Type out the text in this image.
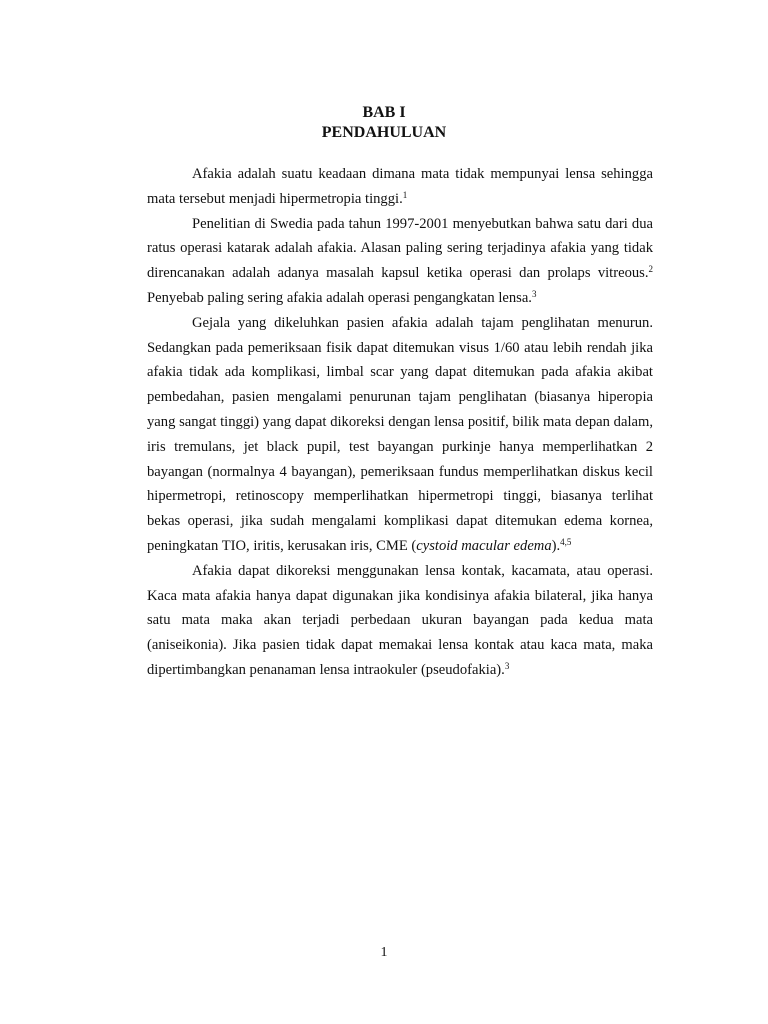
BAB I
PENDAHULUAN

Afakia adalah suatu keadaan dimana mata tidak mempunyai lensa sehingga mata tersebut menjadi hipermetropia tinggi.$^1$

Penelitian di Swedia pada tahun 1997-2001 menyebutkan bahwa satu dari dua ratus operasi katarak adalah afakia. Alasan paling sering terjadinya afakia yang tidak direncanakan adalah adanya masalah kapsul ketika operasi dan prolaps vitreous.$^2$ Penyebab paling sering afakia adalah operasi pengangkatan lensa.$^3$

Gejala yang dikeluhkan pasien afakia adalah tajam penglihatan menurun. Sedangkan pada pemeriksaan fisik dapat ditemukan visus 1/60 atau lebih rendah jika afakia tidak ada komplikasi, limbal scar yang dapat ditemukan pada afakia akibat pembedahan, pasien mengalami penurunan tajam penglihatan (biasanya hiperopia yang sangat tinggi) yang dapat dikoreksi dengan lensa positif, bilik mata depan dalam, iris tremulans, jet black pupil, test bayangan purkinje hanya memperlihatkan 2 bayangan (normalnya 4 bayangan), pemeriksaan fundus memperlihatkan diskus kecil hipermetropi, retinoscopy memperlihatkan hipermetropi tinggi, biasanya terlihat bekas operasi, jika sudah mengalami komplikasi dapat ditemukan edema kornea, peningkatan TIO, iritis, kerusakan iris, CME (cystoid macular edema).$^{4,5}$

Afakia dapat dikoreksi menggunakan lensa kontak, kacamata, atau operasi. Kaca mata afakia hanya dapat digunakan jika kondisinya afakia bilateral, jika hanya satu mata maka akan terjadi perbedaan ukuran bayangan pada kedua mata (aniseikonia). Jika pasien tidak dapat memakai lensa kontak atau kaca mata, maka dipertimbangkan penanaman lensa intraokuler (pseudofakia).$^3$

1
